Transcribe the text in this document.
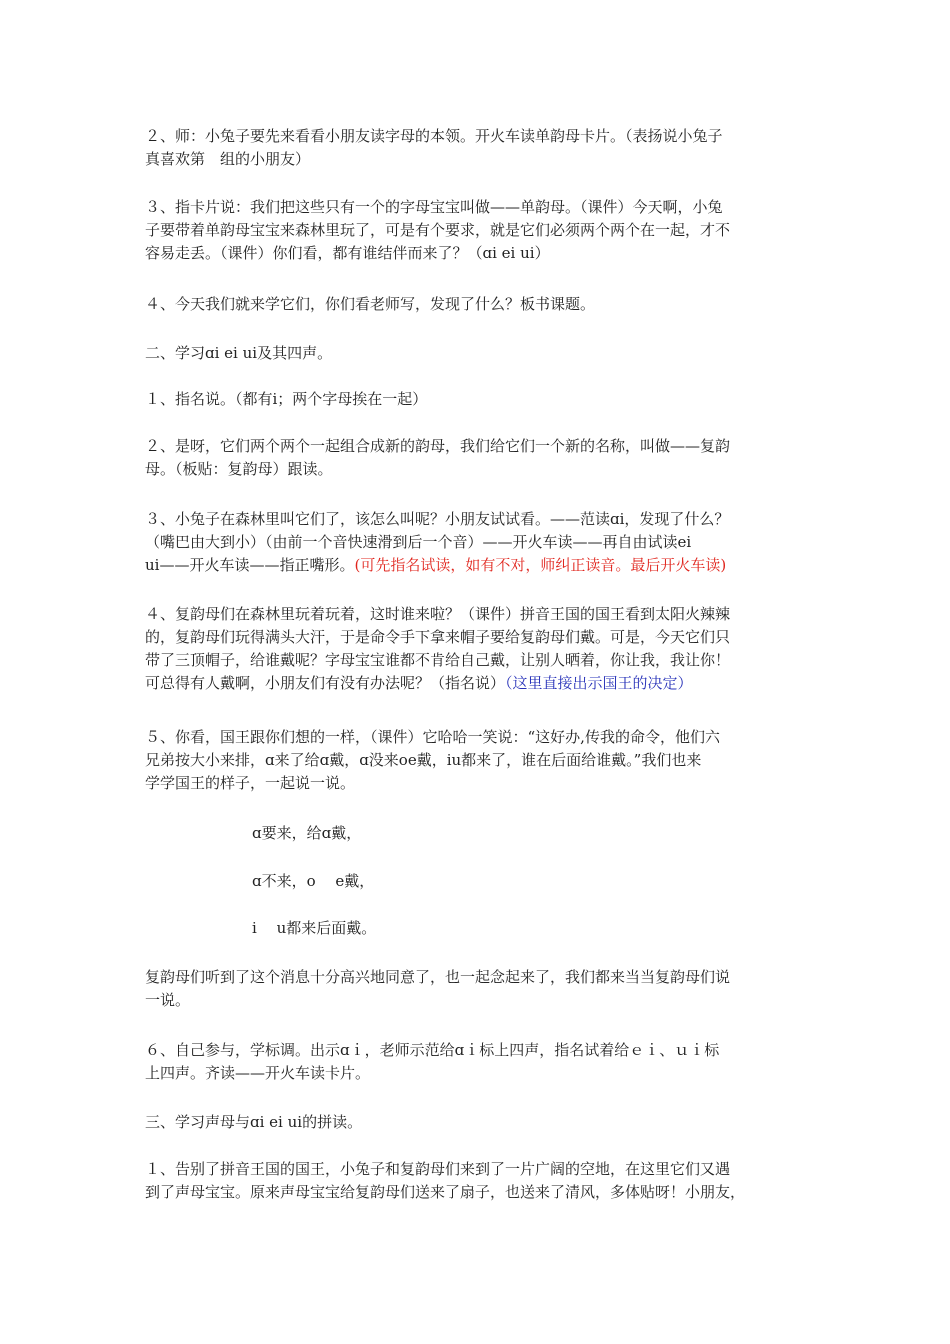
２、师：小兔子要先来看看小朋友读字母的本领。开火车读单韵母卡片。（表扬说小兔子
真喜欢第　组的小朋友）
３、指卡片说：我们把这些只有一个的字母宝宝叫做——单韵母。（课件）今天啊，小兔
子要带着单韵母宝宝来森林里玩了，可是有个要求，就是它们必须两个两个在一起，才不
容易走丢。（课件）你们看，都有谁结伴而来了？（ɑi ei ui）
４、今天我们就来学它们，你们看老师写，发现了什么？板书课题。
二、学习ɑi ei ui及其四声。
１、指名说。（都有i；两个字母挨在一起）
２、是呀，它们两个两个一起组合成新的韵母，我们给它们一个新的名称，叫做——复韵
母。（板贴：复韵母）跟读。
３、小兔子在森林里叫它们了，该怎么叫呢？小朋友试试看。——范读ɑi，发现了什么？
（嘴巴由大到小）（由前一个音快速滑到后一个音）——开火车读——再自由试读ei
ui——开火车读——指正嘴形。(可先指名试读，如有不对，师纠正读音。最后开火车读)
４、复韵母们在森林里玩着玩着，这时谁来啦？（课件）拼音王国的国王看到太阳火辣辣
的，复韵母们玩得满头大汗，于是命令手下拿来帽子要给复韵母们戴。可是，今天它们只
带了三顶帽子，给谁戴呢？字母宝宝谁都不肯给自己戴，让别人晒着，你让我，我让你！
可总得有人戴啊，小朋友们有没有办法呢？（指名说）（这里直接出示国王的决定）
５、你看，国王跟你们想的一样，（课件）它哈哈一笑说：“这好办,传我的命令，他们六
兄弟按大小来排，ɑ来了给ɑ戴，ɑ没来oe戴，iu都来了，谁在后面给谁戴。”我们也来
学学国王的样子，一起说一说。
ɑ要来，给ɑ戴，
ɑ不来，o　 e戴，
i　 u都来后面戴。
复韵母们听到了这个消息十分高兴地同意了，也一起念起来了，我们都来当当复韵母们说
一说。
６、自己参与，学标调。出示ɑｉ，老师示范给ɑｉ标上四声，指名试着给ｅｉ、ｕｉ标
上四声。齐读——开火车读卡片。
三、学习声母与ɑi ei ui的拼读。
１、告别了拼音王国的国王，小兔子和复韵母们来到了一片广阔的空地，在这里它们又遇
到了声母宝宝。原来声母宝宝给复韵母们送来了扇子，也送来了清风，多体贴呀！小朋友，
